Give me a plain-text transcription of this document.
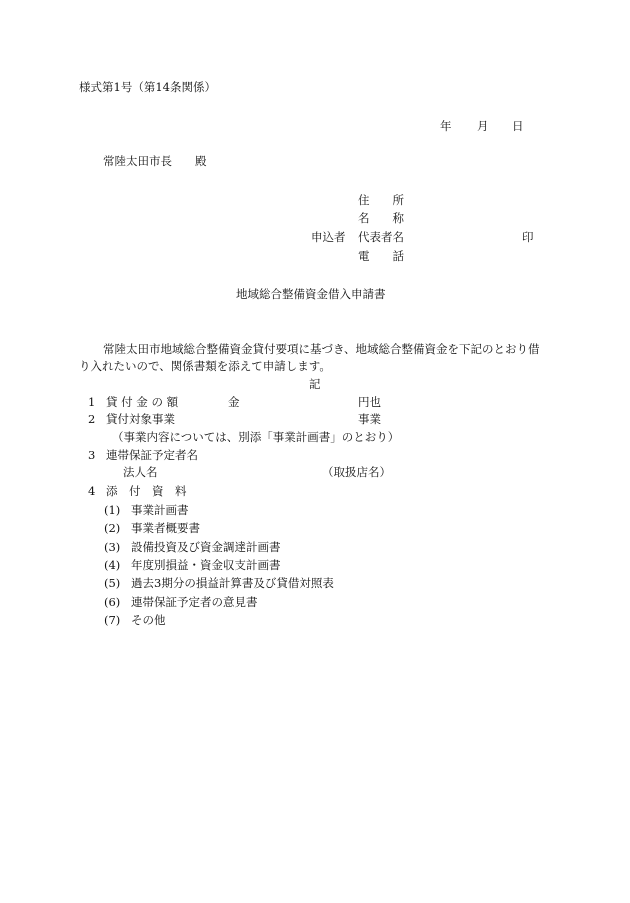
様式第1号（第14条関係）
年 月 日
常陸太田市長 殿
住　　所
名　　称
申込者 代表者名	印
電　　話
地域総合整備資金借入申請書
常陸太田市地域総合整備資金貸付要項に基づき、地域総合整備資金を下記のとおり借
り入れたいので、関係書類を添えて申請します。
記
1 貸 付 金 の 額	金	円也
2 貸付対象事業	事業
（事業内容については、別添「事業計画書」のとおり）
3 連帯保証予定者名
法人名	（取扱店名）
4 添　付　資　料
(1) 事業計画書
(2) 事業者概要書
(3) 設備投資及び資金調達計画書
(4) 年度別損益・資金収支計画書
(5) 過去3期分の損益計算書及び貸借対照表
(6) 連帯保証予定者の意見書
(7) その他
